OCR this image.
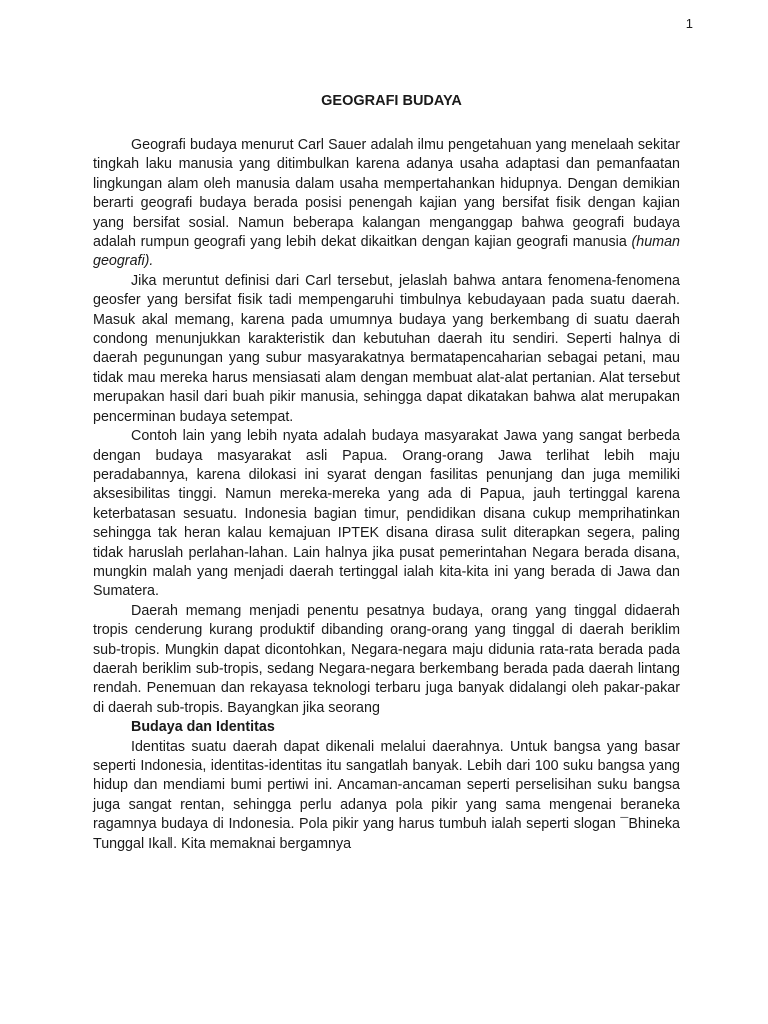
1
GEOGRAFI BUDAYA

Geografi budaya menurut Carl Sauer adalah ilmu pengetahuan yang menelaah sekitar tingkah laku manusia yang ditimbulkan karena adanya usaha adaptasi dan pemanfaatan lingkungan alam oleh manusia dalam usaha mempertahankan hidupnya. Dengan demikian berarti geografi budaya berada posisi penengah kajian yang bersifat fisik dengan kajian yang bersifat sosial. Namun beberapa kalangan menganggap bahwa geografi budaya adalah rumpun geografi yang lebih dekat dikaitkan dengan kajian geografi manusia (human geografi).

Jika meruntut definisi dari Carl tersebut, jelaslah bahwa antara fenomena-fenomena geosfer yang bersifat fisik tadi mempengaruhi timbulnya kebudayaan pada suatu daerah. Masuk akal memang, karena pada umumnya budaya yang berkembang di suatu daerah condong menunjukkan karakteristik dan kebutuhan daerah itu sendiri. Seperti halnya di daerah pegunungan yang subur masyarakatnya bermatapencaharian sebagai petani, mau tidak mau mereka harus mensiasati alam dengan membuat alat-alat pertanian. Alat tersebut merupakan hasil dari buah pikir manusia, sehingga dapat dikatakan bahwa alat merupakan pencerminan budaya setempat.

Contoh lain yang lebih nyata adalah budaya masyarakat Jawa yang sangat berbeda dengan budaya masyarakat asli Papua. Orang-orang Jawa terlihat lebih maju peradabannya, karena dilokasi ini syarat dengan fasilitas penunjang dan juga memiliki aksesibilitas tinggi. Namun mereka-mereka yang ada di Papua, jauh tertinggal karena keterbatasan sesuatu. Indonesia bagian timur, pendidikan disana cukup memprihatinkan sehingga tak heran kalau kemajuan IPTEK disana dirasa sulit diterapkan segera, paling tidak haruslah perlahan-lahan. Lain halnya jika pusat pemerintahan Negara berada disana, mungkin malah yang menjadi daerah tertinggal ialah kita-kita ini yang berada di Jawa dan Sumatera.

Daerah memang menjadi penentu pesatnya budaya, orang yang tinggal didaerah tropis cenderung kurang produktif dibanding orang-orang yang tinggal di daerah beriklim sub-tropis. Mungkin dapat dicontohkan, Negara-negara maju didunia rata-rata berada pada daerah beriklim sub-tropis, sedang Negara-negara berkembang berada pada daerah lintang rendah. Penemuan dan rekayasa teknologi terbaru juga banyak didalangi oleh pakar-pakar di daerah sub-tropis. Bayangkan jika seorang

Budaya dan Identitas

Identitas suatu daerah dapat dikenali melalui daerahnya. Untuk bangsa yang basar seperti Indonesia, identitas-identitas itu sangatlah banyak. Lebih dari 100 suku bangsa yang hidup dan mendiami bumi pertiwi ini. Ancaman-ancaman seperti perselisihan suku bangsa juga sangat rentan, sehingga perlu adanya pola pikir yang sama mengenai beraneka ragamnya budaya di Indonesia. Pola pikir yang harus tumbuh ialah seperti slogan ¯Bhineka Tunggal Ika‖. Kita memaknai bergamnya
